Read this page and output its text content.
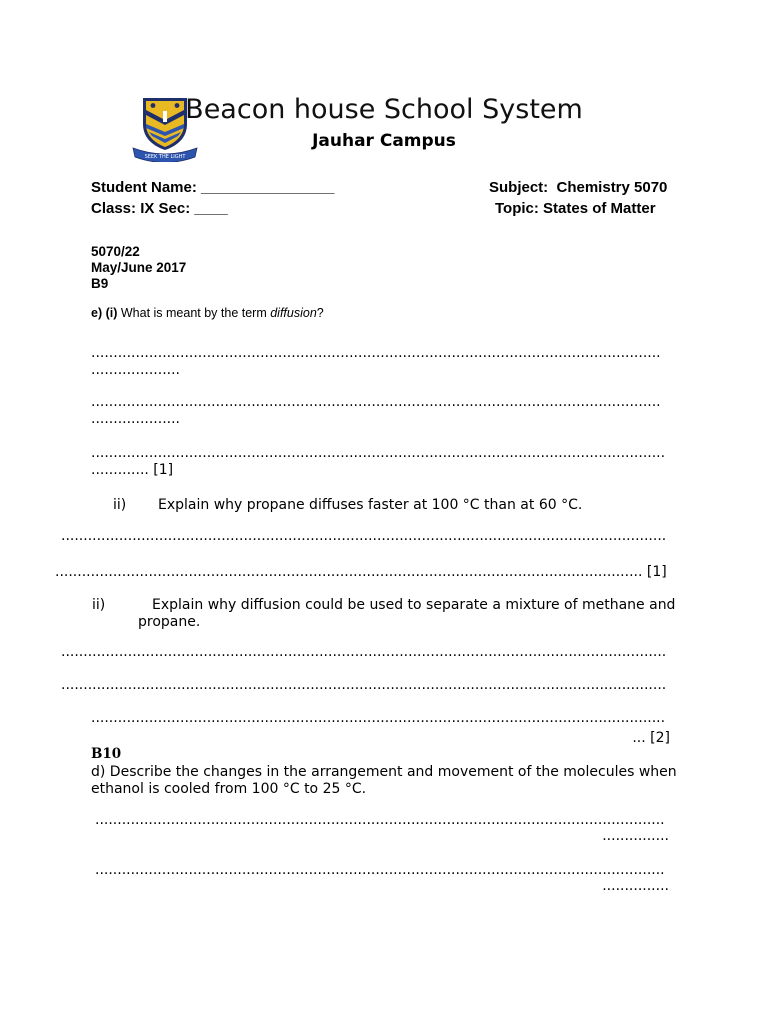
SEEK THE LIGHT
Beacon house School System
Jauhar Campus
Student Name: ________________	Subject:  Chemistry 5070
Class: IX Sec: ____	Topic: States of Matter
5070/22
May/June 2017
B9
e) (i) What is meant by the term diffusion?
................................................................................................................................
....................
................................................................................................................................
....................
.................................................................................................................................
............. [1]
ii) Explain why propane diffuses faster at 100 °C than at 60 °C.
........................................................................................................................................
.................................................................................................................................... [1]
ii)	Explain why diffusion could be used to separate a mixture of methane and
propane.
........................................................................................................................................
........................................................................................................................................
.................................................................................................................................
... [2]
B10
d) Describe the changes in the arrangement and movement of the molecules when
ethanol is cooled from 100 °C to 25 °C.
................................................................................................................................
...............
................................................................................................................................
...............
